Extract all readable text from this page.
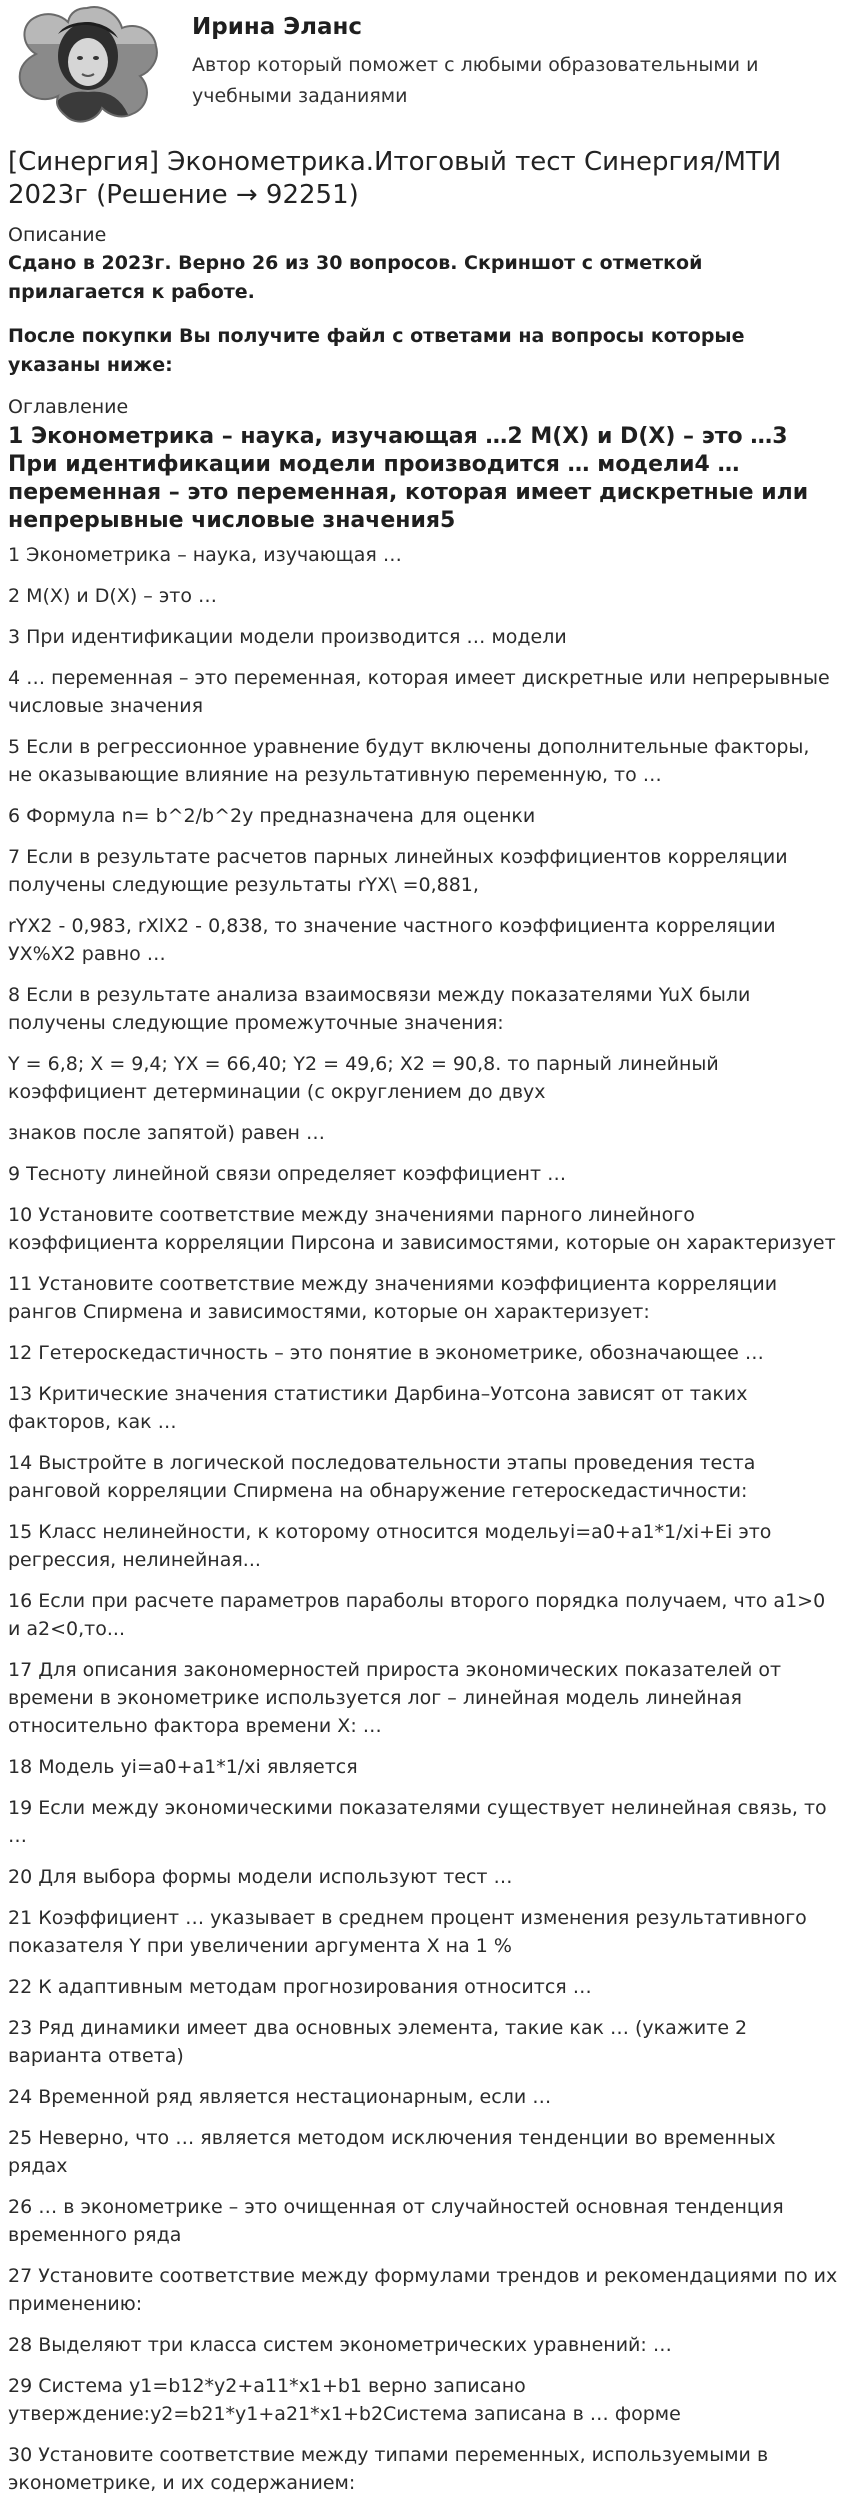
Ирина Эланс
Автор который поможет с любыми образовательными и учебными заданиями
[Синергия] Эконометрика.Итоговый тест Синергия/МТИ 2023г (Решение → 92251)
Описание

Сдано в 2023г. Верно 26 из 30 вопросов. Скриншот с отметкой прилагается к работе.

После покупки Вы получите файл с ответами на вопросы которые указаны ниже:

Оглавление
1 Эконометрика – наука, изучающая …2 M(X) и D(X) – это …3 При идентификации модели производится … модели4 … переменная – это переменная, которая имеет дискретные или непрерывные числовые значения5

1 Эконометрика – наука, изучающая …

2 M(X) и D(X) – это …

3 При идентификации модели производится … модели

4 … переменная – это переменная, которая имеет дискретные или непрерывные числовые значения

5 Если в регрессионное уравнение будут включены дополнительные факторы, не оказывающие влияние на результативную переменную, то …

6 Формула n= b^2/b^2y предназначена для оценки

7 Если в результате расчетов парных линейных коэффициентов корреляции получены следующие результаты rYX\ =0,881,

rYX2 - 0,983, rXlX2 - 0,838, то значение частного коэффициента корреляции УХ%Х2 равно …

8 Если в результате анализа взаимосвязи между показателями YuX были получены следующие промежуточные значения:

Y = 6,8; X = 9,4; YX = 66,40; Y2 = 49,6; X2 = 90,8. то парный линейный коэффициент детерминации (с округлением до двух

знаков после запятой) равен …

9 Тесноту линейной связи определяет коэффициент …

10 Установите соответствие между значениями парного линейного коэффициента корреляции Пирсона и зависимостями, которые он характеризует

11 Установите соответствие между значениями коэффициента корреляции рангов Спирмена и зависимостями, которые он характеризует:

12 Гетероскедастичность – это понятие в эконометрике, обозначающее …

13 Критические значения статистики Дарбина–Уотсона зависят от таких факторов, как …

14 Выстройте в логической последовательности этапы проведения теста ранговой корреляции Спирмена на обнаружение гетероскедастичности:

15 Класс нелинейности, к которому относится модельyi=a0+a1*1/xi+Ei это регрессия, нелинейная...

16 Если при расчете параметров параболы второго порядка получаем, что a1>0 и a2<0,то...

17 Для описания закономерностей прироста экономических показателей от времени в эконометрике используется лог – линейная модель линейная относительно фактора времени X: …

18 Модель yi=a0+a1*1/xi является

19 Если между экономическими показателями существует нелинейная связь, то …

20 Для выбора формы модели используют тест …

21 Коэффициент … указывает в среднем процент изменения результативного показателя Y при увеличении аргумента X на 1 %

22 К адаптивным методам прогнозирования относится …

23 Ряд динамики имеет два основных элемента, такие как … (укажите 2 варианта ответа)

24 Временной ряд является нестационарным, если …

25 Неверно, что … является методом исключения тенденции во временных рядах

26 … в эконометрике – это очищенная от случайностей основная тенденция временного ряда

27 Установите соответствие между формулами трендов и рекомендациями по их применению:

28 Выделяют три класса систем эконометрических уравнений: …

29 Система y1=b12*y2+a11*x1+b1 верно записано утверждение:y2=b21*y1+a21*x1+b2Система записана в … форме

30 Установите соответствие между типами переменных, используемыми в эконометрике, и их содержанием:
